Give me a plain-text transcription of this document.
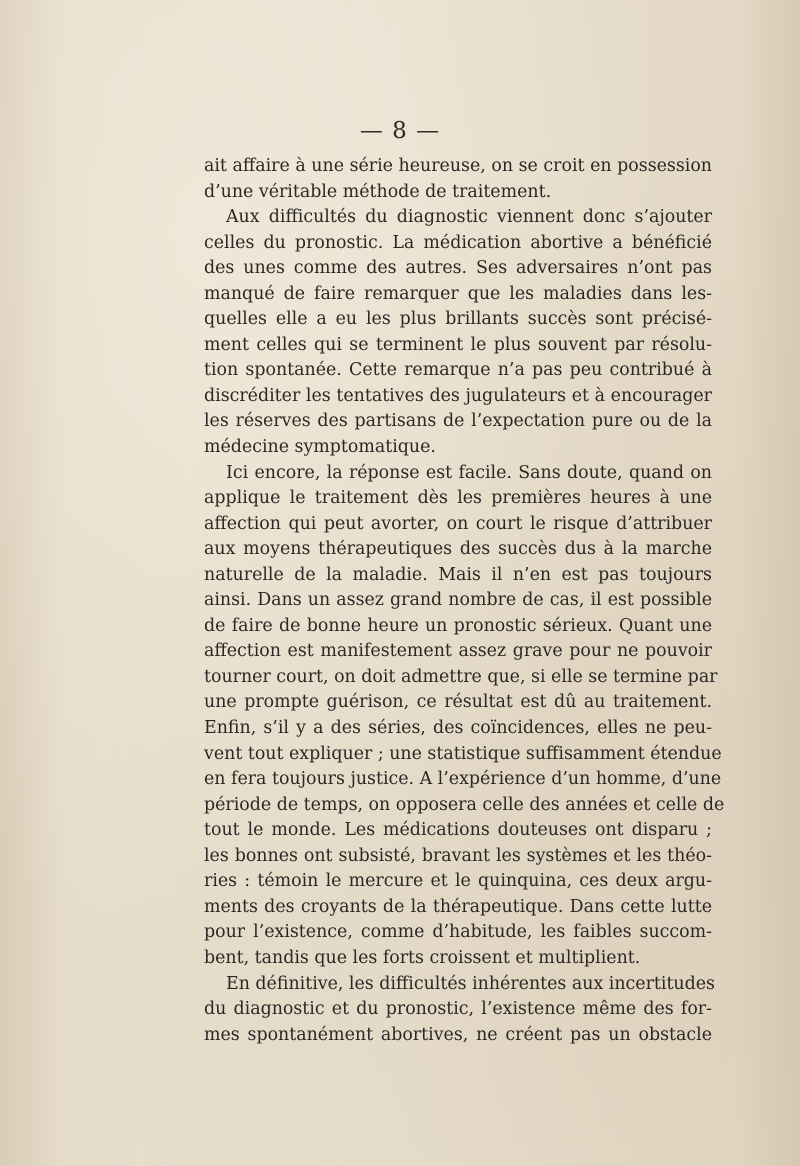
— 8 —
ait affaire à une série heureuse, on se croit en possession
d’une véritable méthode de traitement.
Aux difficultés du diagnostic viennent donc s’ajouter
celles du pronostic. La médication abortive a bénéficié
des unes comme des autres. Ses adversaires n’ont pas
manqué de faire remarquer que les maladies dans les-
quelles elle a eu les plus brillants succès sont précisé-
ment celles qui se terminent le plus souvent par résolu-
tion spontanée. Cette remarque n’a pas peu contribué à
discréditer les tentatives des jugulateurs et à encourager
les réserves des partisans de l’expectation pure ou de la
médecine symptomatique.
Ici encore, la réponse est facile. Sans doute, quand on
applique le traitement dès les premières heures à une
affection qui peut avorter, on court le risque d’attribuer
aux moyens thérapeutiques des succès dus à la marche
naturelle de la maladie. Mais il n’en est pas toujours
ainsi. Dans un assez grand nombre de cas, il est possible
de faire de bonne heure un pronostic sérieux. Quant une
affection est manifestement assez grave pour ne pouvoir
tourner court, on doit admettre que, si elle se termine par
une prompte guérison, ce résultat est dû au traitement.
Enfin, s’il y a des séries, des coïncidences, elles ne peu-
vent tout expliquer ; une statistique suffisamment étendue
en fera toujours justice. A l’expérience d’un homme, d’une
période de temps, on opposera celle des années et celle de
tout le monde. Les médications douteuses ont disparu ;
les bonnes ont subsisté, bravant les systèmes et les théo-
ries : témoin le mercure et le quinquina, ces deux argu-
ments des croyants de la thérapeutique. Dans cette lutte
pour l’existence, comme d’habitude, les faibles succom-
bent, tandis que les forts croissent et multiplient.
En définitive, les difficultés inhérentes aux incertitudes
du diagnostic et du pronostic, l’existence même des for-
mes spontanément abortives, ne créent pas un obstacle
